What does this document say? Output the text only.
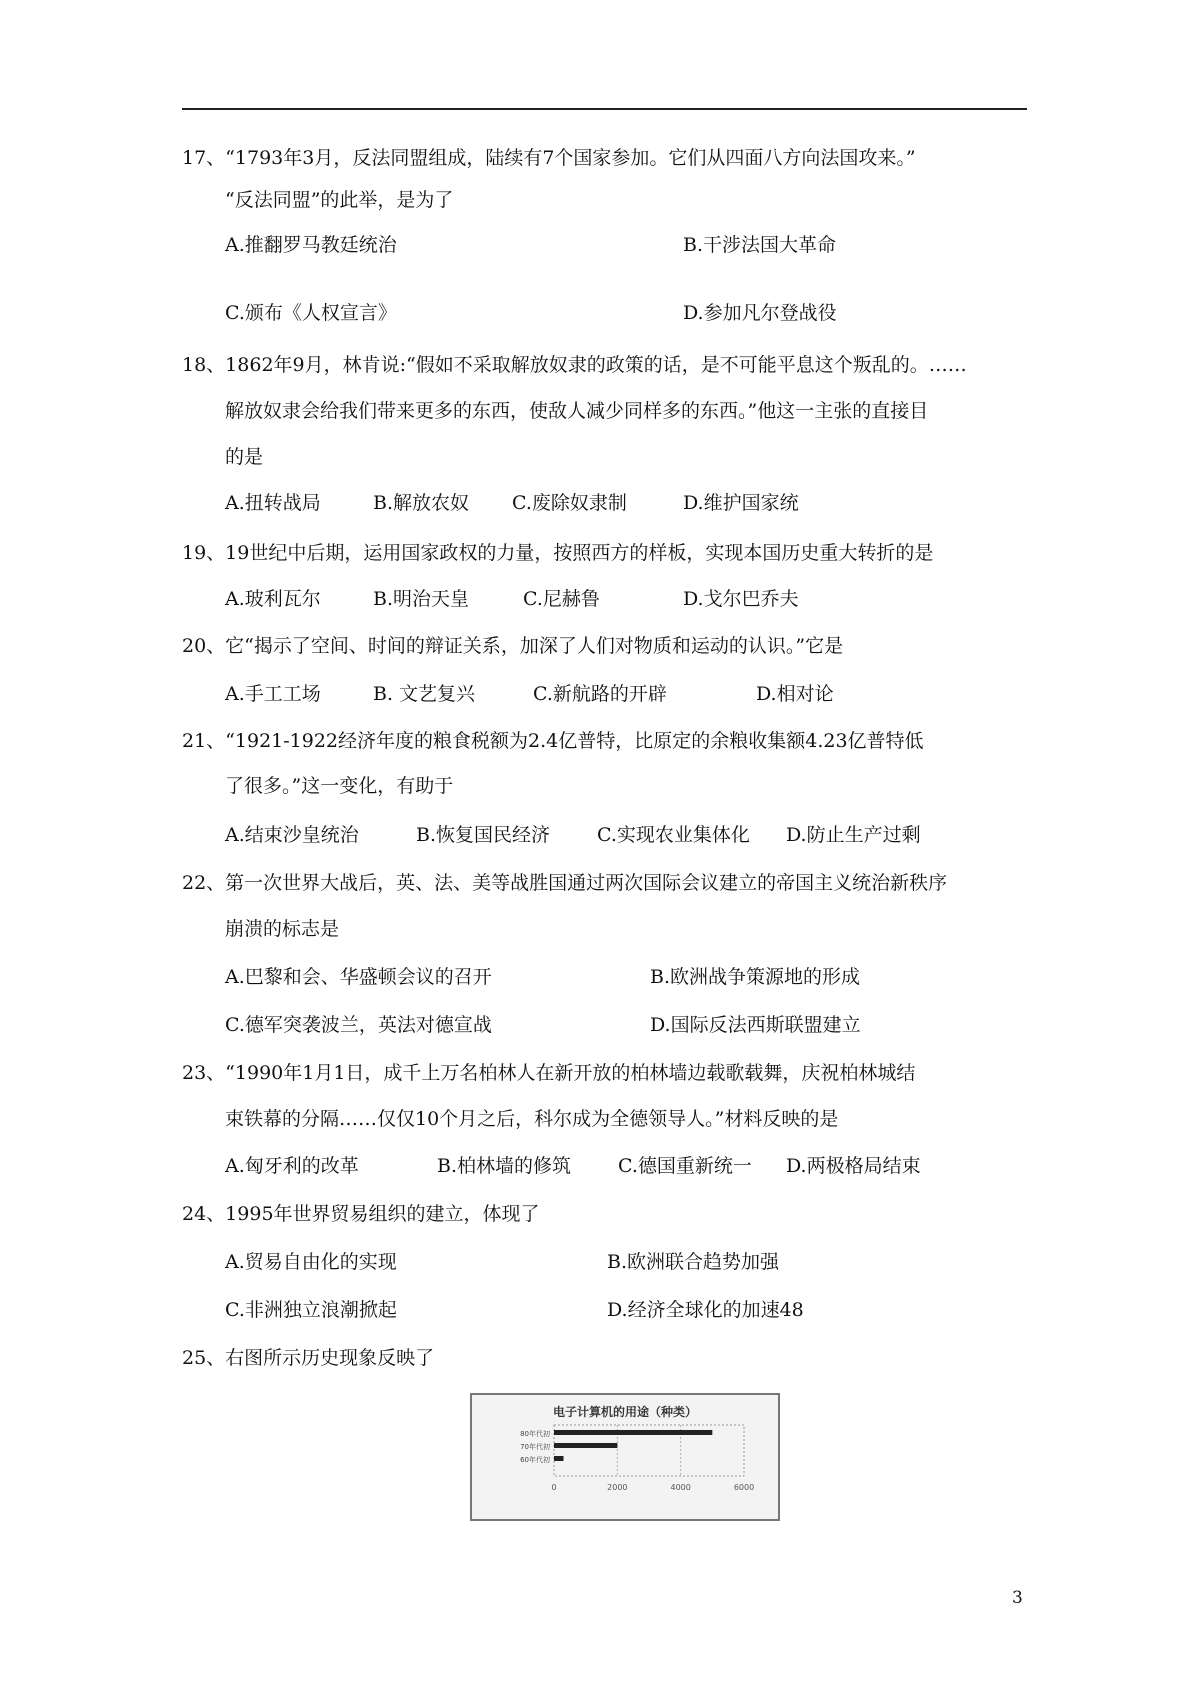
17、“1793年3月，反法同盟组成，陆续有7个国家参加。它们从四面八方向法国攻来。”
“反法同盟”的此举，是为了
A.推翻罗马教廷统治	B.干涉法国大革命
C.颁布《人权宣言》	D.参加凡尔登战役
18、1862年9月，林肯说:“假如不采取解放奴隶的政策的话，是不可能平息这个叛乱的。……
解放奴隶会给我们带来更多的东西，使敌人减少同样多的东西。”他这一主张的直接目
的是
A.扭转战局	B.解放农奴 C.废除奴隶制	D.维护国家统
19、19世纪中后期，运用国家政权的力量，按照西方的样板，实现本国历史重大转折的是
A.玻利瓦尔	B.明治天皇	C.尼赫鲁	D.戈尔巴乔夫
20、它“揭示了空间、时间的辩证关系，加深了人们对物质和运动的认识。”它是
A.手工工场	B. 文艺复兴	C.新航路的开辟	D.相对论
21、“1921-1922经济年度的粮食税额为2.4亿普特，比原定的余粮收集额4.23亿普特低
了很多。”这一变化，有助于
A.结束沙皇统治	B.恢复国民经济 C.实现农业集体化 D.防止生产过剩
22、第一次世界大战后，英、法、美等战胜国通过两次国际会议建立的帝国主义统治新秩序
崩溃的标志是
A.巴黎和会、华盛顿会议的召开	B.欧洲战争策源地的形成
C.德军突袭波兰，英法对德宣战	D.国际反法西斯联盟建立
23、“1990年1月1日，成千上万名柏林人在新开放的柏林墙边载歌载舞，庆祝柏林城结
束铁幕的分隔……仅仅10个月之后，科尔成为全德领导人。”材料反映的是
A.匈牙利的改革	B.柏林墙的修筑 C.德国重新统一 D.两极格局结束
24、1995年世界贸易组织的建立，体现了
A.贸易自由化的实现	B.欧洲联合趋势加强
C.非洲独立浪潮掀起	D.经济全球化的加速48
25、右图所示历史现象反映了
电子计算机的用途（种类）
0	2000	4000	6000
80年代初
70年代初
60年代初
3
